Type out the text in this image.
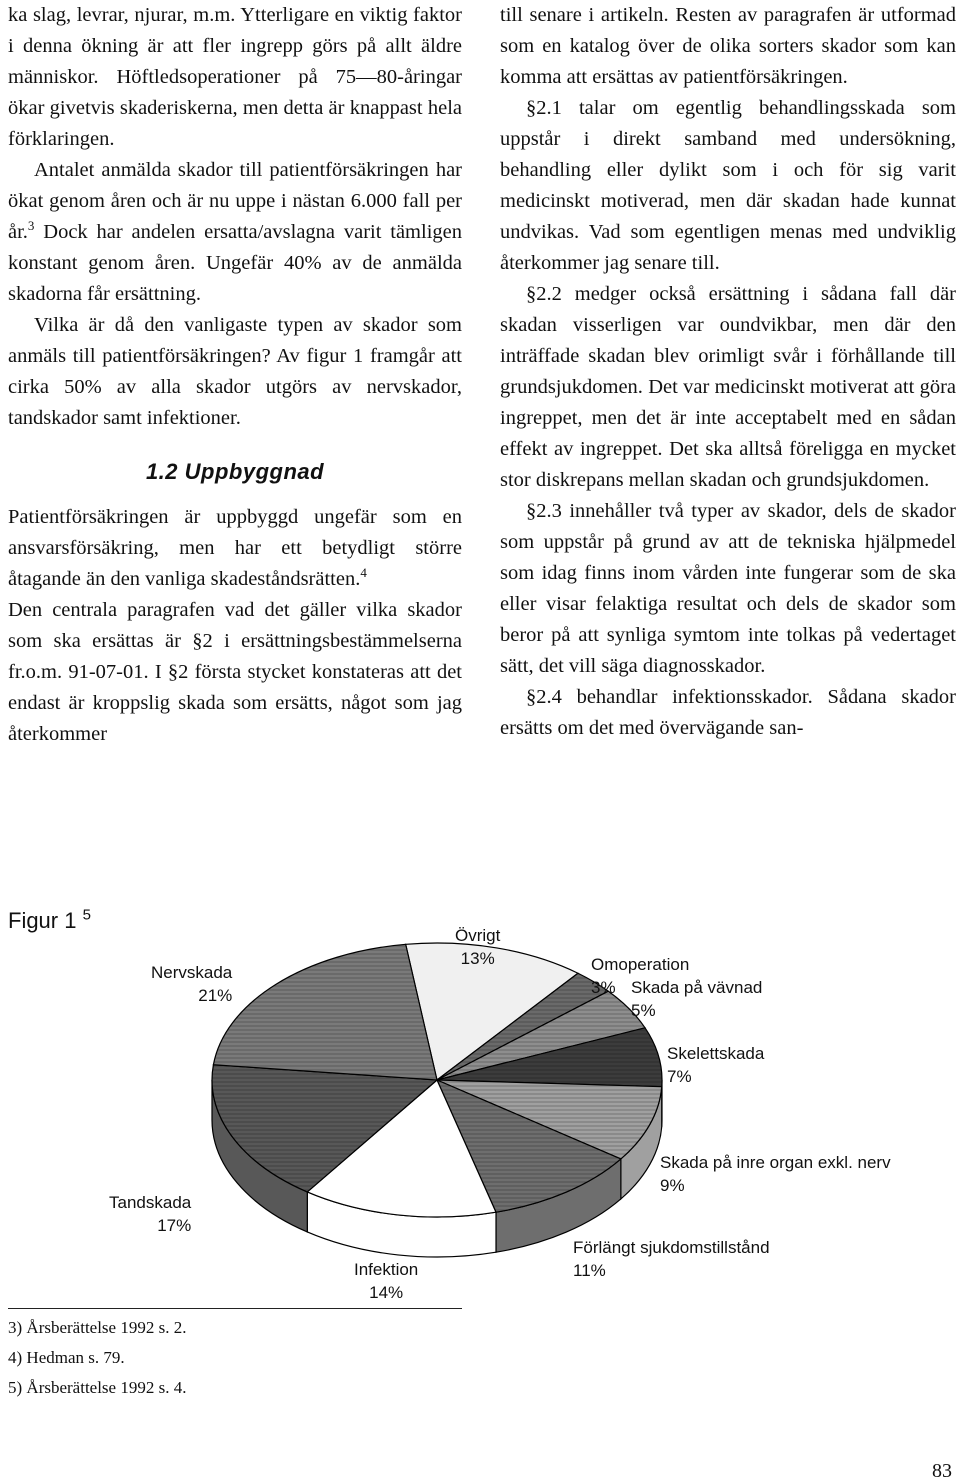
ka slag, levrar, njurar, m.m. Ytterligare en viktig faktor i denna ökning är att fler ingrepp görs på allt äldre människor. Höftledsoperationer på 75—80-åringar ökar givetvis skaderiskerna, men detta är knappast hela förklaringen.

Antalet anmälda skador till patientförsäkringen har ökat genom åren och är nu uppe i nästan 6.000 fall per år.$^3$ Dock har andelen ersatta/avslagna varit tämligen konstant genom åren. Ungefär 40% av de anmälda skadorna får ersättning.

Vilka är då den vanligaste typen av skador som anmäls till patientförsäkringen? Av figur 1 framgår att cirka 50% av alla skador utgörs av nervskador, tandskador samt infektioner.

1.2 Uppbyggnad

Patientförsäkringen är uppbyggd ungefär som en ansvarsförsäkring, men har ett betydligt större åtagande än den vanliga skadeståndsrätten.$^4$

Den centrala paragrafen vad det gäller vilka skador som ska ersättas är §2 i ersättningsbestämmelserna fr.o.m. 91-07-01. I §2 första stycket konstateras att det endast är kroppslig skada som ersätts, något som jag återkommer

till senare i artikeln. Resten av paragrafen är utformad som en katalog över de olika sorters skador som kan komma att ersättas av patientförsäkringen.

§2.1 talar om egentlig behandlingsskada som uppstår i direkt samband med undersökning, behandling eller dylikt som i och för sig varit medicinskt motiverad, men där skadan hade kunnat undvikas. Vad som egentligen menas med undviklig återkommer jag senare till.

§2.2 medger också ersättning i sådana fall där skadan visserligen var oundvikbar, men där den inträffade skadan blev orimligt svår i förhållande till grundsjukdomen. Det var medicinskt motiverat att göra ingreppet, men det är inte acceptabelt med en sådan effekt av ingreppet. Det ska alltså föreligga en mycket stor diskrepans mellan skadan och grundsjukdomen.

§2.3 innehåller två typer av skador, dels de skador som uppstår på grund av att de tekniska hjälpmedel som idag finns inom vården inte fungerar som de ska eller visar felaktiga resultat och dels de skador som beror på att synliga symtom inte tolkas på vedertaget sätt, det vill säga diagnosskador.

§2.4 behandlar infektionsskador. Sådana skador ersätts om det med övervägande san-

Figur 1 $^5$
Övrigt
13%	Omoperation
3% Skada på vävnad
5%
Skelettskada
7%
Skada på inre organ exkl. nerv
9%
Förlängt sjukdomstillstånd
11%
Infektion
14%
Tandskada
17%
Nervskada
21%
3) Årsberättelse 1992 s. 2.
4) Hedman s. 79.
5) Årsberättelse 1992 s. 4.
83
